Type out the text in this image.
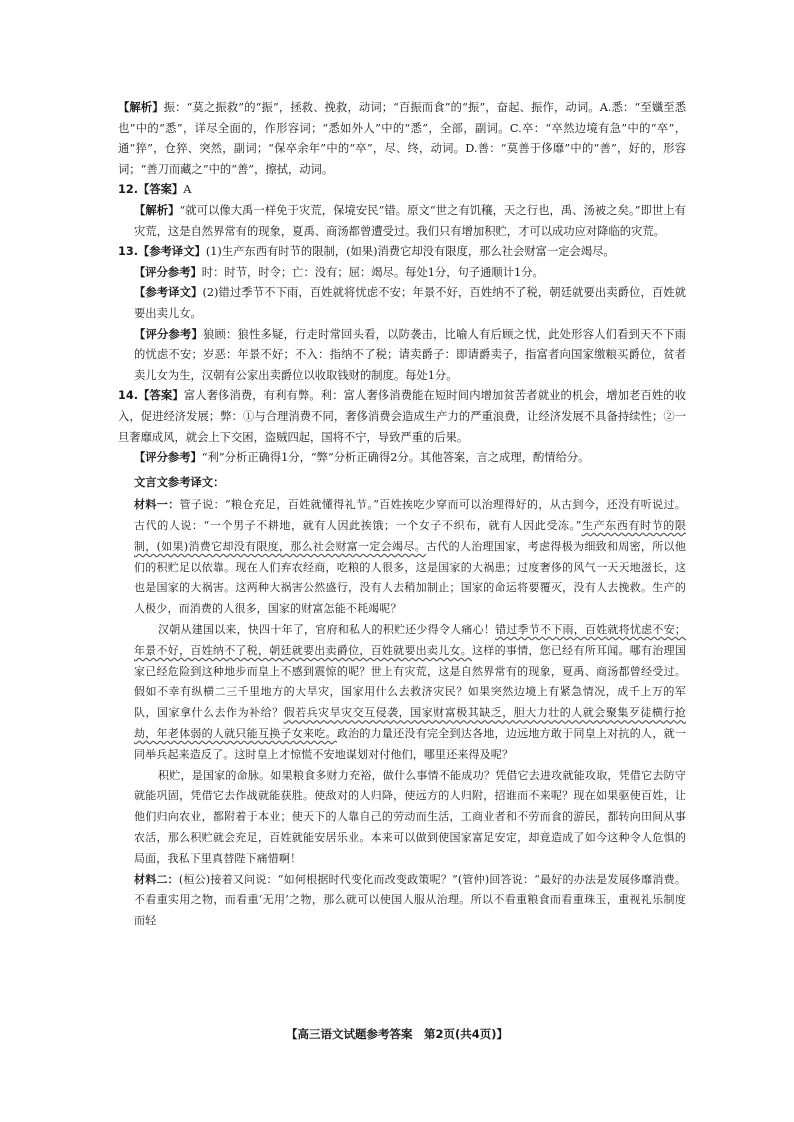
【解析】振：“莫之振救”的“振”，拯救、挽救，动词；“百振而食”的“振”，奋起、振作，动词。A.悉：“至孅至悉也”中的“悉”，详尽全面的，作形容词；“悉如外人”中的“悉”，全部，副词。C.卒：“卒然边境有急”中的“卒”，通“猝”，仓猝、突然，副词；“保卒余年”中的“卒”，尽、终，动词。D.善：“莫善于侈靡”中的“善”，好的，形容词；“善刀而藏之”中的“善”，擦拭，动词。

12.【答案】A

【解析】“就可以像大禹一样免于灾荒，保境安民”错。原文“世之有饥穰，天之行也，禹、汤被之矣。”即世上有灾荒，这是自然界常有的现象，夏禹、商汤都曾遭受过。我们只有增加积贮，才可以成功应对降临的灾荒。

13.【参考译文】(1)生产东西有时节的限制，(如果)消费它却没有限度，那么社会财富一定会竭尽。

【评分参考】时：时节，时令；亡：没有；屈：竭尽。每处1分，句子通顺计1分。

【参考译文】(2)错过季节不下雨，百姓就将忧虑不安；年景不好，百姓纳不了税，朝廷就要出卖爵位，百姓就要出卖儿女。

【评分参考】狼顾：狼性多疑，行走时常回头看，以防袭击，比喻人有后顾之忧，此处形容人们看到天不下雨的忧虑不安；岁恶：年景不好；不入：指纳不了税；请卖爵子：即请爵卖子，指富者向国家缴粮买爵位，贫者卖儿女为生，汉朝有公家出卖爵位以收取钱财的制度。每处1分。

14.【答案】富人奢侈消费，有利有弊。利：富人奢侈消费能在短时间内增加贫苦者就业的机会，增加老百姓的收入，促进经济发展；弊：①与合理消费不同，奢侈消费会造成生产力的严重浪费，让经济发展不具备持续性；②一旦奢靡成风，就会上下交困，盗贼四起，国将不宁，导致严重的后果。

【评分参考】“利”分析正确得1分，“弊”分析正确得2分。其他答案，言之成理，酌情给分。

文言文参考译文：

材料一：管子说：“粮仓充足，百姓就懂得礼节。”百姓挨吃少穿而可以治理得好的，从古到今，还没有听说过。古代的人说：“一个男子不耕地，就有人因此挨饿；一个女子不织布，就有人因此受冻。”生产东西有时节的限制，(如果)消费它却没有限度，那么社会财富一定会竭尽。古代的人治理国家，考虑得极为细致和周密，所以他们的积贮足以依靠。现在人们弃农经商，吃粮的人很多，这是国家的大祸患；过度奢侈的风气一天天地滋长，这也是国家的大祸害。这两种大祸害公然盛行，没有人去稍加制止；国家的命运将要覆灭，没有人去挽救。生产的人极少，而消费的人很多，国家的财富怎能不耗竭呢？

汉朝从建国以来，快四十年了，官府和私人的积贮还少得令人痛心！错过季节不下雨，百姓就将忧虑不安；年景不好，百姓纳不了税，朝廷就要出卖爵位，百姓就要出卖儿女。这样的事情，您已经有所耳闻。哪有治理国家已经危险到这种地步而皇上不感到震惊的呢？世上有灾荒，这是自然界常有的现象，夏禹、商汤都曾经受过。假如不幸有纵横二三千里地方的大旱灾，国家用什么去救济灾民？如果突然边境上有紧急情况，成千上万的军队，国家拿什么去作为补给？假若兵灾旱灾交互侵袭，国家财富极其缺乏，胆大力壮的人就会聚集歹徒横行抢劫，年老体弱的人就只能互换子女来吃。政治的力量还没有完全到达各地，边远地方敢于同皇上对抗的人，就一同举兵起来造反了。这时皇上才惊慌不安地谋划对付他们，哪里还来得及呢？

积贮，是国家的命脉。如果粮食多财力充裕，做什么事情不能成功？凭借它去进攻就能攻取，凭借它去防守就能巩固，凭借它去作战就能获胜。使敌对的人归降，使远方的人归附，招谁而不来呢？现在如果驱使百姓，让他们归向农业，都附着于本业；使天下的人靠自己的劳动而生活，工商业者和不劳而食的游民，都转向田间从事农活，那么积贮就会充足，百姓就能安居乐业。本来可以做到使国家富足安定，却竟造成了如今这种令人危惧的局面，我私下里真替陛下痛惜啊！

材料二：(桓公)接着又问说：“如何根据时代变化而改变政策呢？”(管仲)回答说：“最好的办法是发展侈靡消费。不看重实用之物，而看重‘无用’之物，那么就可以使国人服从治理。所以不看重粮食而看重珠玉，重视礼乐制度而轻

【高三语文试题参考答案　第2页(共4页)】
